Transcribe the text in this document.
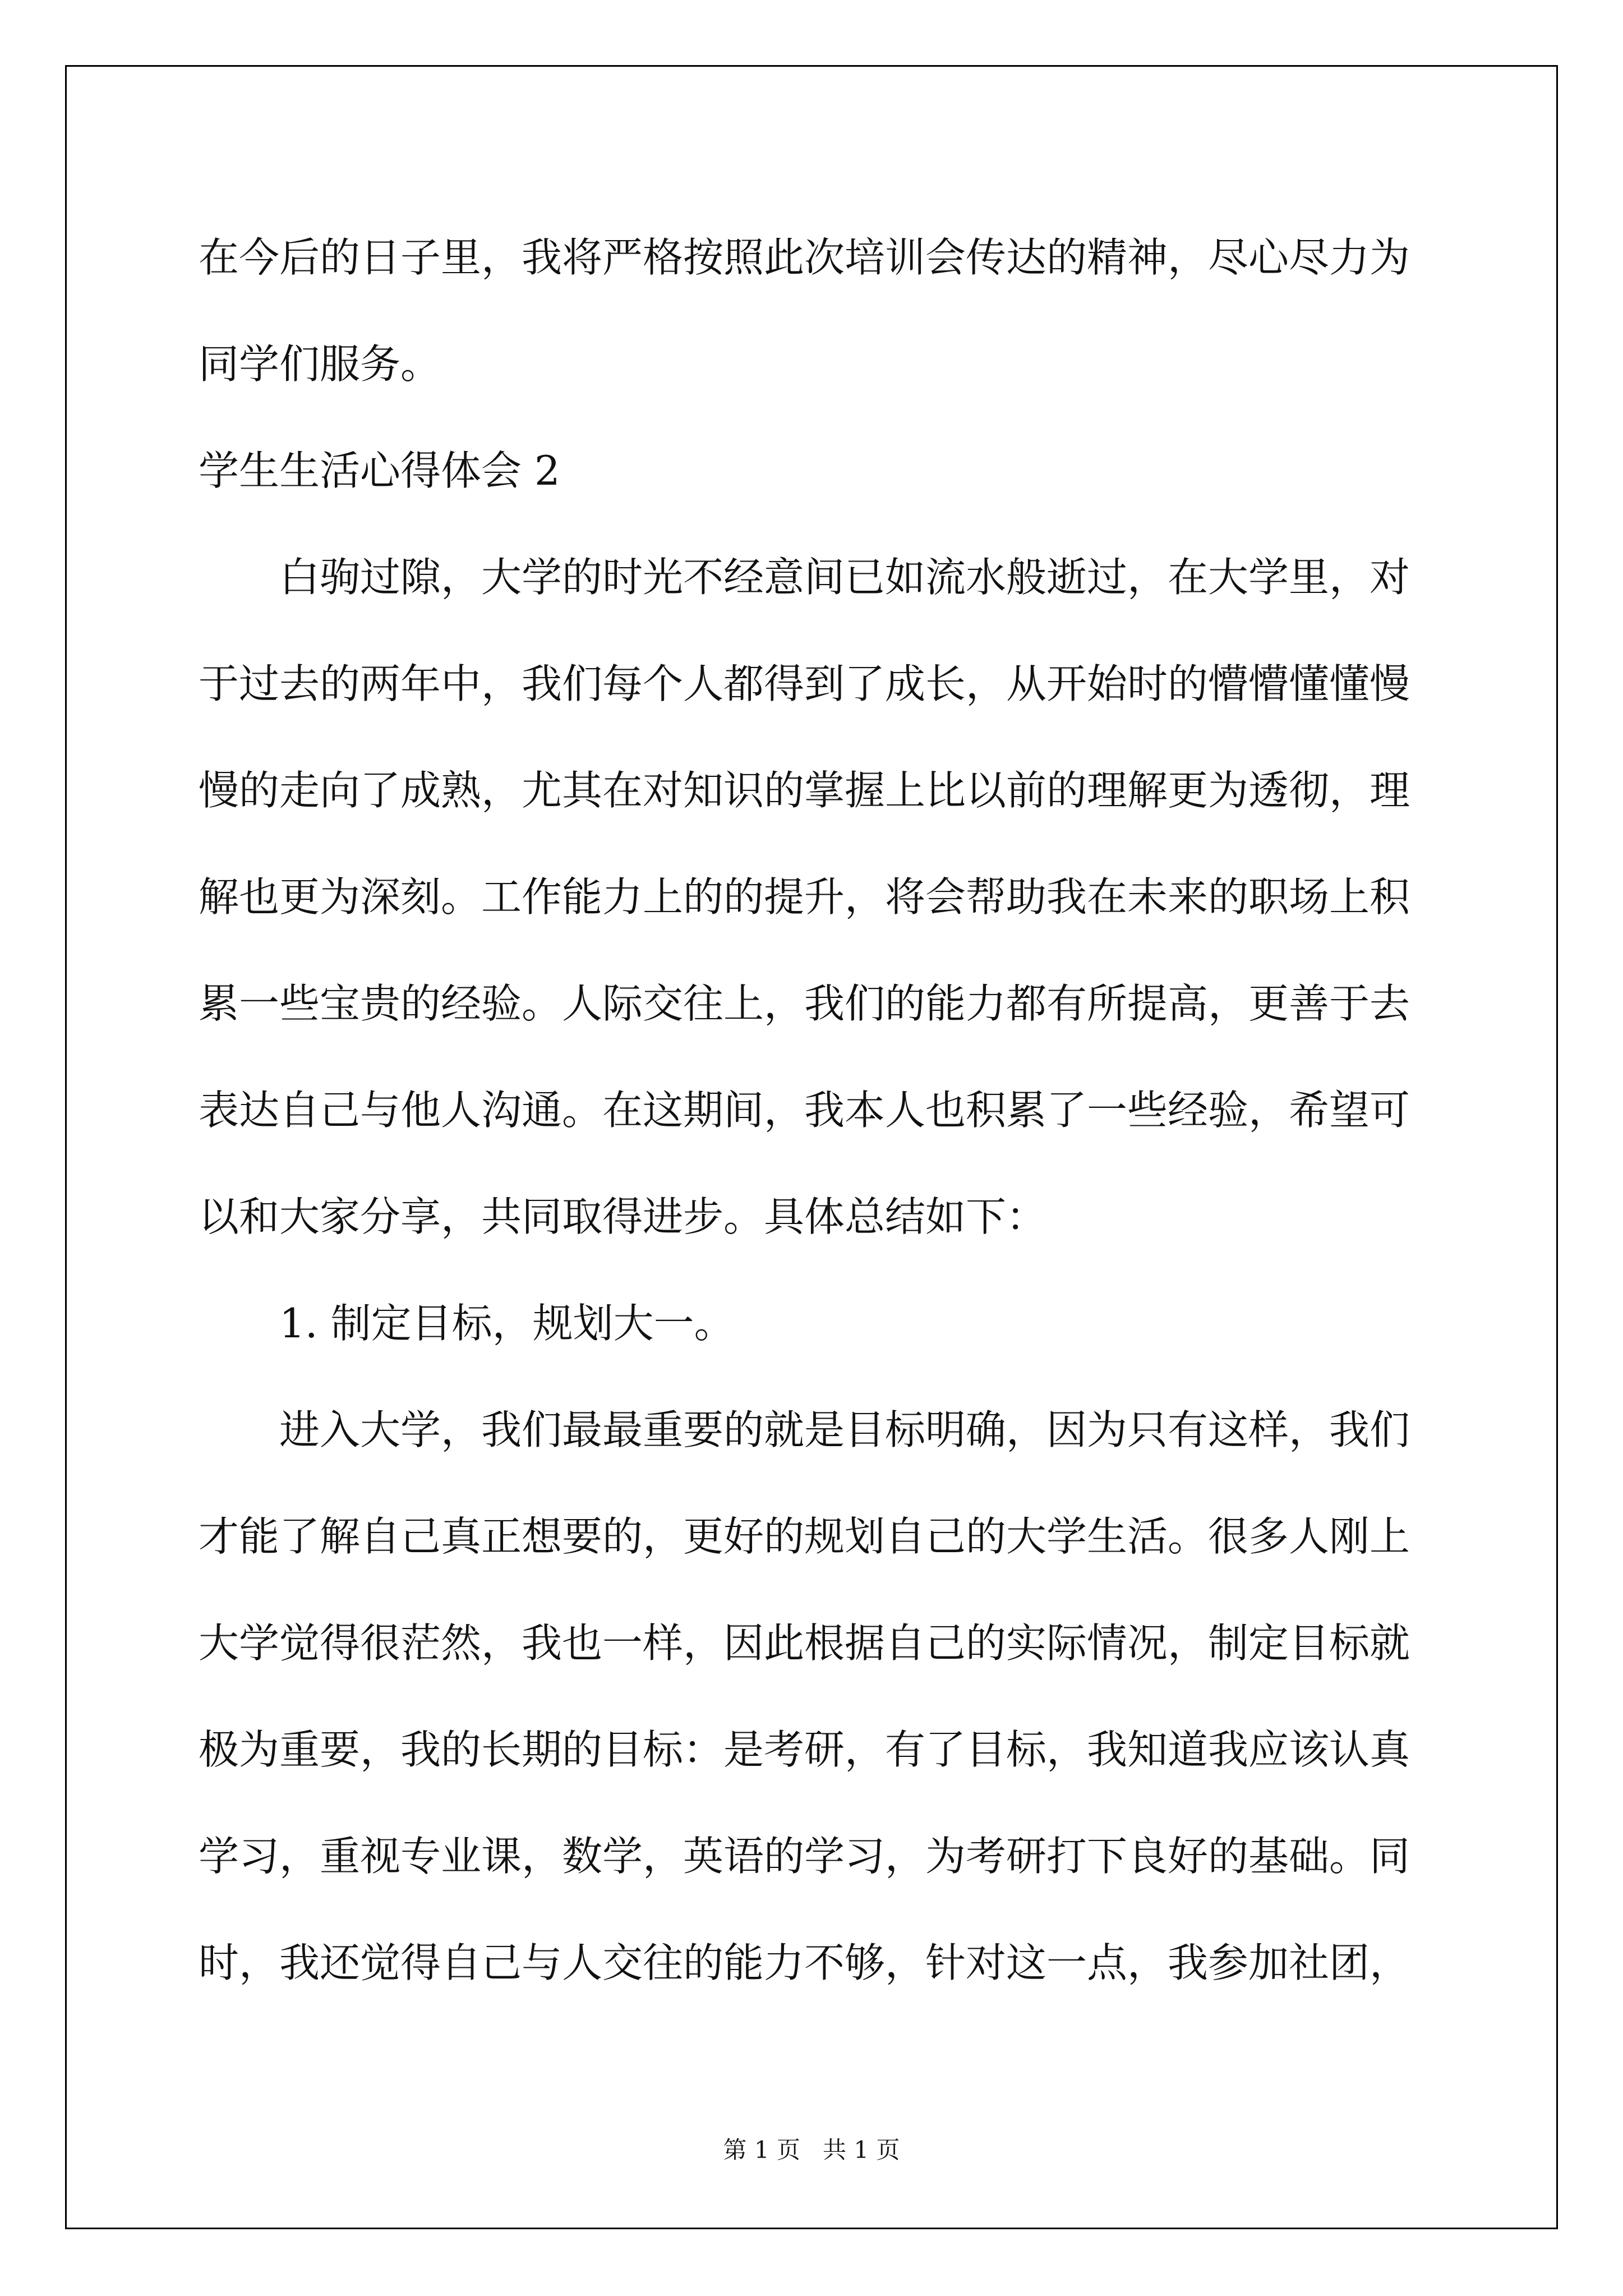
在今后的日子里，我将严格按照此次培训会传达的精神，尽心尽力为

同学们服务。

学生生活心得体会 2

白驹过隙，大学的时光不经意间已如流水般逝过，在大学里，对

于过去的两年中，我们每个人都得到了成长，从开始时的懵懵懂懂慢

慢的走向了成熟，尤其在对知识的掌握上比以前的理解更为透彻，理

解也更为深刻。工作能力上的的提升，将会帮助我在未来的职场上积

累一些宝贵的经验。人际交往上，我们的能力都有所提高，更善于去

表达自己与他人沟通。在这期间，我本人也积累了一些经验，希望可

以和大家分享，共同取得进步。具体总结如下：

1. 制定目标，规划大一。

进入大学，我们最最重要的就是目标明确，因为只有这样，我们

才能了解自己真正想要的，更好的规划自己的大学生活。很多人刚上

大学觉得很茫然，我也一样，因此根据自己的实际情况，制定目标就

极为重要，我的长期的目标：是考研，有了目标，我知道我应该认真

学习，重视专业课，数学，英语的学习，为考研打下良好的基础。同

时，我还觉得自己与人交往的能力不够，针对这一点，我参加社团，

第 1 页   共 1 页
